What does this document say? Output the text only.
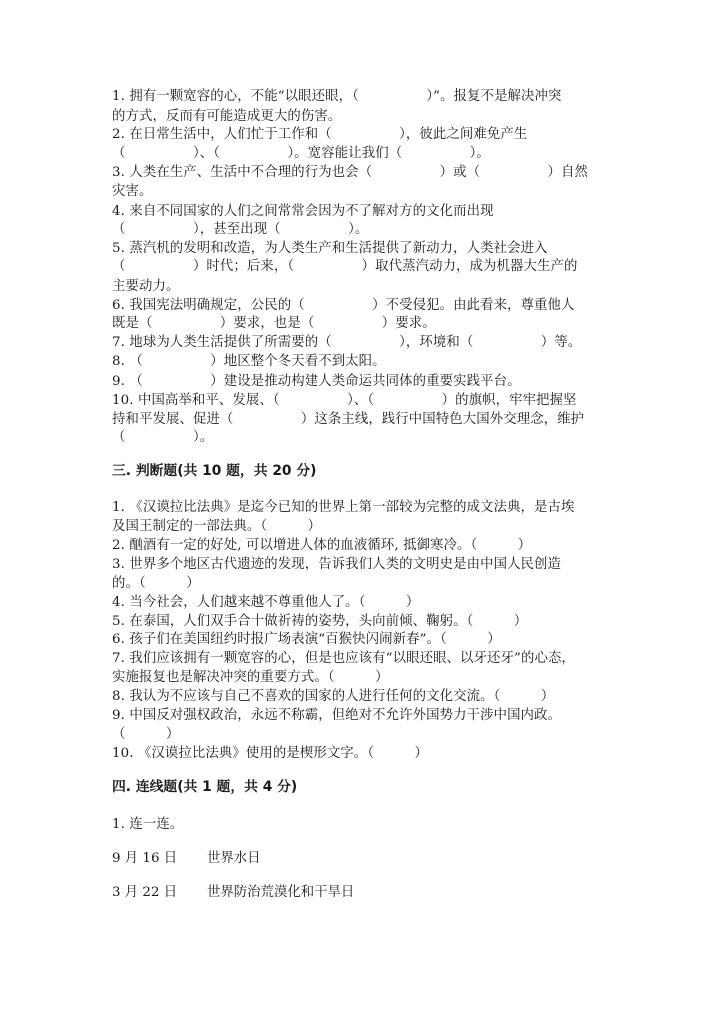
1. 拥有一颗宽容的心，不能“以眼还眼，（　　　　　）”。报复不是解决冲突
的方式，反而有可能造成更大的伤害。
2. 在日常生活中，人们忙于工作和（　　　　　），彼此之间难免产生
（　　　　　）、（　　　　　）。宽容能让我们（　　　　　）。
3. 人类在生产、生活中不合理的行为也会（　　　　　）或（　　　　　）自然
灾害。
4. 来自不同国家的人们之间常常会因为不了解对方的文化而出现
（　　　　　），甚至出现（　　　　　）。
5. 蒸汽机的发明和改造，为人类生产和生活提供了新动力，人类社会进入
（　　　　　）时代；后来，（　　　　　）取代蒸汽动力，成为机器大生产的
主要动力。
6. 我国宪法明确规定，公民的（　　　　　）不受侵犯。由此看来，尊重他人
既是（　　　　　）要求，也是（　　　　　）要求。
7. 地球为人类生活提供了所需要的（　　　　　），环境和（　　　　　）等。
8. （　　　　　）地区整个冬天看不到太阳。
9. （　　　　　）建设是推动构建人类命运共同体的重要实践平台。
10. 中国高举和平、发展、（　　　　　）、（　　　　　）的旗帜，牢牢把握坚
持和平发展、促进（　　　　　）这条主线，践行中国特色大国外交理念，维护
（　　　　　）。
三. 判断题(共 10 题，共 20 分)
1. 《汉谟拉比法典》是迄今已知的世界上第一部较为完整的成文法典，是古埃
及国王制定的一部法典。（　　　）
2. 酗酒有一定的好处, 可以增进人体的血液循环, 抵御寒冷。（　　　）
3. 世界多个地区古代遗迹的发现，告诉我们人类的文明史是由中国人民创造
的。（　　　）
4. 当今社会，人们越来越不尊重他人了。（　　　）
5. 在泰国，人们双手合十做祈祷的姿势，头向前倾、鞠躬。（　　　）
6. 孩子们在美国纽约时报广场表演“百猴快闪闹新春”。（　　　）
7. 我们应该拥有一颗宽容的心，但是也应该有“以眼还眼、以牙还牙”的心态，
实施报复也是解决冲突的重要方式。（　　　）
8. 我认为不应该与自己不喜欢的国家的人进行任何的文化交流。（　　　）
9. 中国反对强权政治，永远不称霸，但绝对不允许外国势力干涉中国内政。
（　　　）
10. 《汉谟拉比法典》使用的是楔形文字。（　　　）
四. 连线题(共 1 题，共 4 分)
1. 连一连。
9 月 16 日 世界水日
3 月 22 日 世界防治荒漠化和干旱日
